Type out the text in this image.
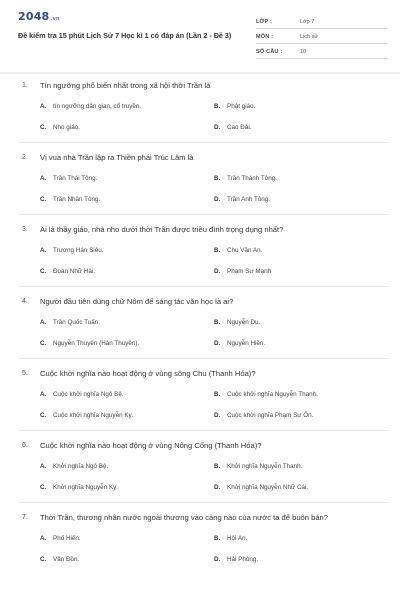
2048.vn
Đề kiểm tra 15 phút Lịch Sử 7 Học kì 1 có đáp án (Lần 2 - Đề 3)
LỚP :	Lớp 7
MÔN :	Lịch sử
SỐ CÂU :	10
1. Tín ngưỡng phổ biến nhất trong xã hội thời Trần là
A.	tín ngưỡng dân gian, cổ truyền.	B.	Phật giáo.
C.	Nho giáo.	D.	Cao Đài.
2. Vị vua nhà Trần lập ra Thiền phái Trúc Lâm là
A.	Trần Thái Tông.	B.	Trần Thánh Tông.
C.	Trần Nhân Tông.	D.	Trần Anh Tông.
3. Ai là thầy giáo, nhà nho dưới thời Trần được triều đình trọng dụng nhất?
A.	Trương Hán Siêu.	B.	Chu Văn An.
C.	Đoàn Nhữ Hài.	D.	Phạm Sư Mạnh
4. Người đầu tiên dùng chữ Nôm để sáng tác văn học là ai?
A.	Trần Quốc Tuấn.	B.	Nguyễn Du.
C.	Nguyễn Thuyên (Hàn Thuyên).	D.	Nguyễn Hiền.
5. Cuộc khởi nghĩa nào hoạt động ở vùng sông Chu (Thanh Hóa)?
A.	Cuộc khởi nghĩa Ngô Bệ.	B.	Cuộc khởi nghĩa Nguyễn Thanh.
C.	Cuộc khởi nghĩa Nguyễn Kỵ.	D.	Cuộc khởi nghĩa Phạm Sư Ôn.
6. Cuộc khởi nghĩa nào hoạt động ở vùng Nông Cống (Thanh Hóa)?
A.	Khởi nghĩa Ngô Bệ.	B.	Khởi nghĩa Nguyễn Thanh.
C.	Khởi nghĩa Nguyễn Kỵ.	D.	Khởi nghĩa Nguyễn Nhữ Cái.
7. Thời Trần, thương nhân nước ngoài thương vào cảng nào của nước ta để buôn bán?
A.	Phố Hiến.	B.	Hội An.
C.	Vân Đồn.	D.	Hải Phòng.
